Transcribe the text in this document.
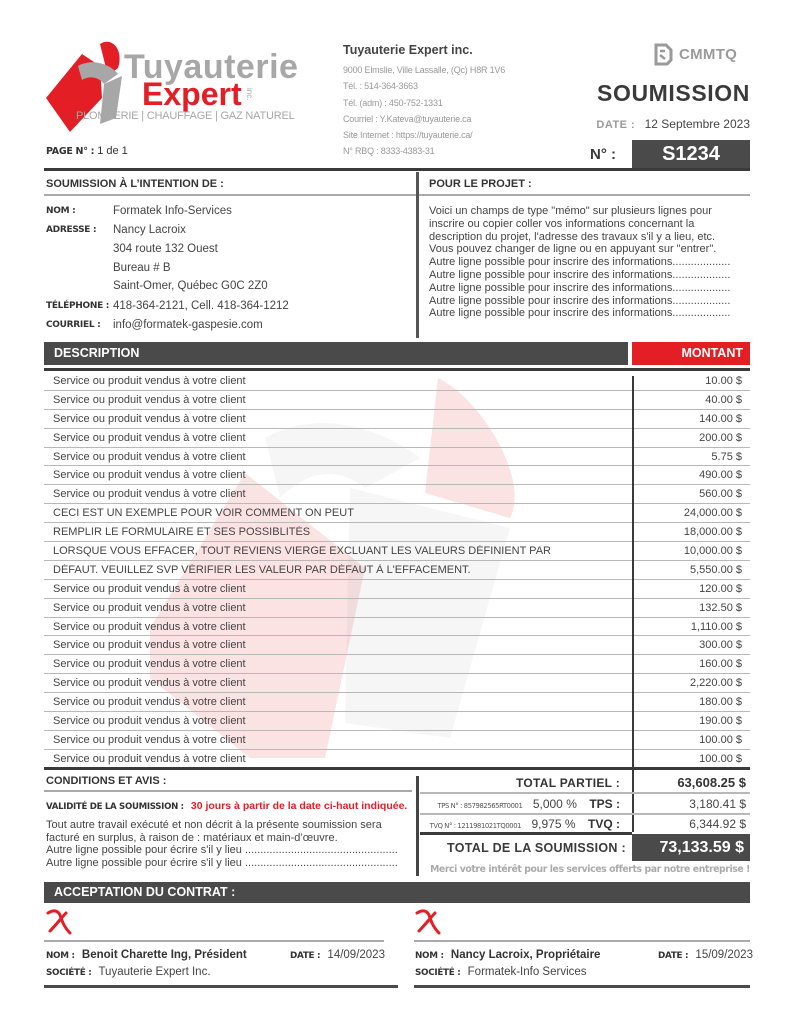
Tuyauterie
Expert inc.
PLOMBERIE | CHAUFFAGE | GAZ NATUREL
PAGE N° : 1 de 1
Tuyauterie Expert inc.
9000 Elmslie, Ville Lassalle, (Qc) H8R 1V6
Tél. : 514-364-3663
Tél. (adm) : 450-752-1331
Courriel : Y.Kateva@tuyauterie.ca
Site Internet : https://tuyauterie.ca/
N° RBQ : 8333-4383-31
CMMTQ
SOUMISSION
DATE : 12 Septembre 2023
N° :	S1234
SOUMISSION À L’INTENTION DE :	POUR LE PROJET :
NOM :	Formatek Info-Services
ADRESSE :	Nancy Lacroix
304 route 132 Ouest
Bureau # B
Saint-Omer, Québec G0C 2Z0
TÉLÉPHONE : 418-364-2121, Cell. 418-364-1212
COURRIEL :	info@formatek-gaspesie.com
Voici un champs de type "mémo" sur plusieurs lignes pour
inscrire ou copier coller vos informations concernant la
description du projet, l'adresse des travaux s'il y a lieu, etc.
Vous pouvez changer de ligne ou en appuyant sur "entrer".
Autre ligne possible pour inscrire des informations...................
Autre ligne possible pour inscrire des informations...................
Autre ligne possible pour inscrire des informations...................
Autre ligne possible pour inscrire des informations...................
Autre ligne possible pour inscrire des informations...................
DESCRIPTION	MONTANT
Service ou produit vendus à votre client	10.00 $
Service ou produit vendus à votre client	40.00 $
Service ou produit vendus à votre client	140.00 $
Service ou produit vendus à votre client	200.00 $
Service ou produit vendus à votre client	5.75 $
Service ou produit vendus à votre client	490.00 $
Service ou produit vendus à votre client	560.00 $
CECI EST UN EXEMPLE POUR VOIR COMMENT ON PEUT	24,000.00 $
REMPLIR LE FORMULAIRE ET SES POSSIBLITÉS	18,000.00 $
LORSQUE VOUS EFFACER, TOUT REVIENS VIERGE EXCLUANT LES VALEURS DÉFINIENT PAR	10,000.00 $
DÉFAUT. VEUILLEZ SVP VÉRIFIER LES VALEUR PAR DÉFAUT À L'EFFACEMENT.	5,550.00 $
Service ou produit vendus à votre client	120.00 $
Service ou produit vendus à votre client	132.50 $
Service ou produit vendus à votre client	1,110.00 $
Service ou produit vendus à votre client	300.00 $
Service ou produit vendus à votre client	160.00 $
Service ou produit vendus à votre client	2,220.00 $
Service ou produit vendus à votre client	180.00 $
Service ou produit vendus à votre client	190.00 $
Service ou produit vendus à votre client	100.00 $
Service ou produit vendus à votre client	100.00 $
CONDITIONS ET AVIS :
VALIDITÉ DE LA SOUMISSION : 30 jours à partir de la date ci-haut indiquée.
Tout autre travail exécuté et non décrit à la présente soumission sera
facturé en surplus, à raison de : matériaux et main-d’œuvre.
Autre ligne possible pour écrire s'il y lieu ..................................................
Autre ligne possible pour écrire s'il y lieu ..................................................
TOTAL PARTIEL :	63,608.25 $
TPS N° : 857982565RT0001 5,000 % TPS :	3,180.41 $
TVQ N° : 1211981021TQ0001 9,975 % TVQ :	6,344.92 $
TOTAL DE LA SOUMISSION :	73,133.59 $
Merci votre intérêt pour les services offerts par notre entreprise !
ACCEPTATION DU CONTRAT :
NOM : Benoit Charette Ing, Président	DATE : 14/09/2023
SOCIÉTÉ : Tuyauterie Expert Inc.
NOM : Nancy Lacroix, Propriétaire	DATE : 15/09/2023
SOCIÉTÉ : Formatek-Info Services
